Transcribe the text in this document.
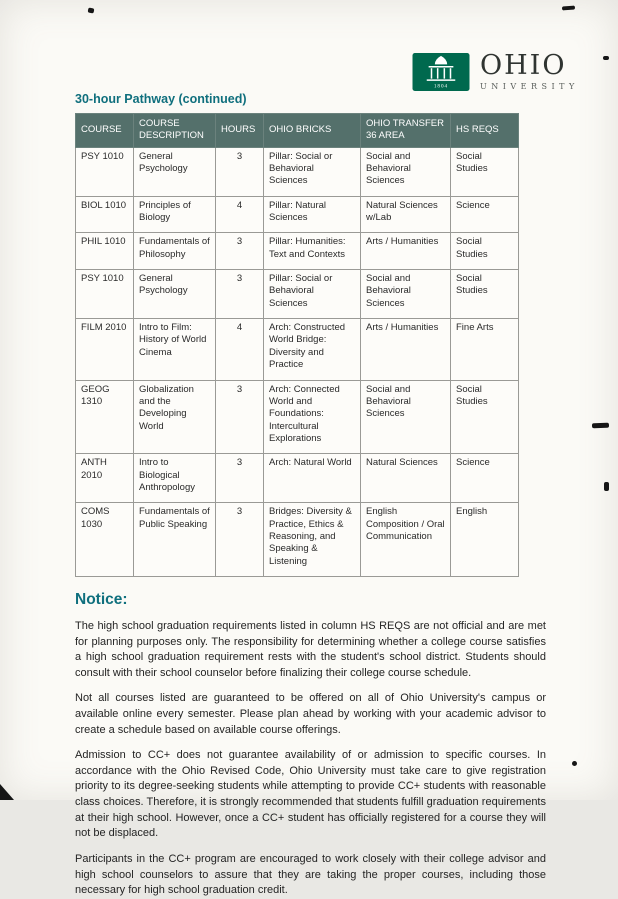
1804
OHIO
UNIVERSITY
30-hour Pathway (continued)
COURSE	COURSE DESCRIPTION	HOURS	OHIO BRICKS	OHIO TRANSFER 36 AREA	HS REQS
PSY 1010	General Psychology	3	Pillar: Social or Behavioral Sciences	Social and Behavioral Sciences	Social Studies
BIOL 1010	Principles of Biology	4	Pillar: Natural Sciences	Natural Sciences w/Lab	Science
PHIL 1010	Fundamentals of Philosophy	3	Pillar: Humanities: Text and Contexts	Arts / Humanities	Social Studies
PSY 1010	General Psychology	3	Pillar: Social or Behavioral Sciences	Social and Behavioral Sciences	Social Studies
FILM 2010	Intro to Film: History of World Cinema	4	Arch: Constructed World Bridge: Diversity and Practice	Arts / Humanities	Fine Arts
GEOG 1310	Globalization and the Developing World	3	Arch: Connected World and Foundations: Intercultural Explorations	Social and Behavioral Sciences	Social Studies
ANTH 2010	Intro to Biological Anthropology	3	Arch: Natural World	Natural Sciences	Science
COMS 1030	Fundamentals of Public Speaking	3	Bridges: Diversity & Practice, Ethics & Reasoning, and Speaking & Listening	English Composition / Oral Communication	English
Notice:

The high school graduation requirements listed in column HS REQS are not official and are met for planning purposes only. The responsibility for determining whether a college course satisfies a high school graduation requirement rests with the student's school district. Students should consult with their school counselor before finalizing their college course schedule.

Not all courses listed are guaranteed to be offered on all of Ohio University's campus or available online every semester. Please plan ahead by working with your academic advisor to create a schedule based on available course offerings.

Admission to CC+ does not guarantee availability of or admission to specific courses. In accordance with the Ohio Revised Code, Ohio University must take care to give registration priority to its degree-seeking students while attempting to provide CC+ students with reasonable class choices. Therefore, it is strongly recommended that students fulfill graduation requirements at their high school. However, once a CC+ student has officially registered for a course they will not be displaced.

Participants in the CC+ program are encouraged to work closely with their college advisor and high school counselors to assure that they are taking the proper courses, including those necessary for high school graduation credit.
